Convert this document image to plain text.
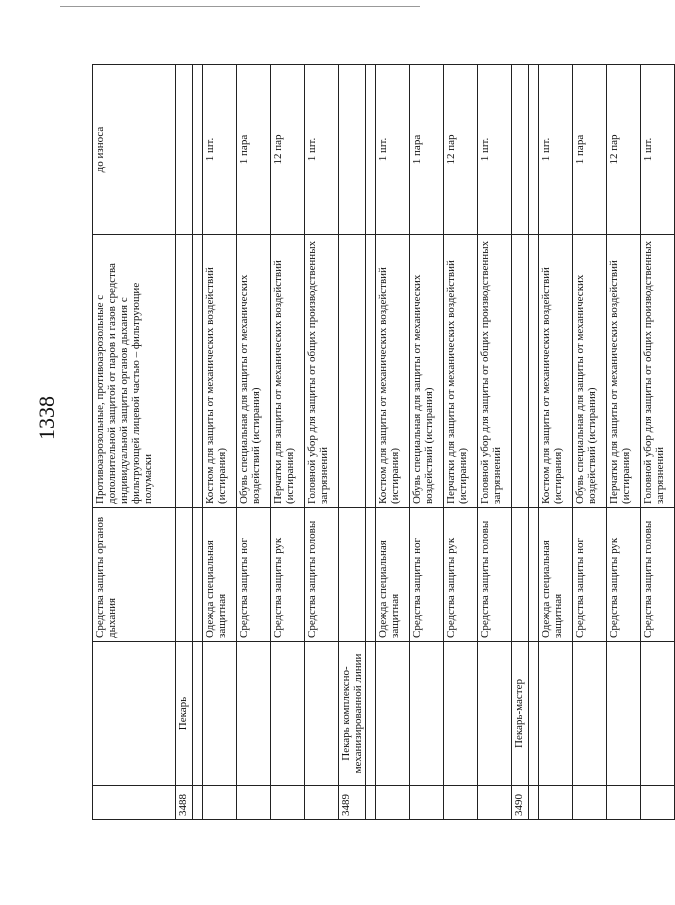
1338
		Средства защиты органов дыхания	Противоаэрозольные, противоаэрозольные с дополнительной защитой от паров и газов средства индивидуальной защиты органов дыхания с фильтрующей лицевой частью – фильтрующие полумаски	до износа
3488	Пекарь			

		Одежда специальная защитная	Костюм для защиты от механических воздействий (истирания)	1 шт.
		Средства защиты ног	Обувь специальная для защиты от механических воздействий (истирания)	1 пара
		Средства защиты рук	Перчатки для защиты от механических воздействий (истирания)	12 пар
		Средства защиты головы	Головной убор для защиты от общих производственных загрязнений	1 шт.
3489	Пекарь комплексно-механизированной линии			

		Одежда специальная защитная	Костюм для защиты от механических воздействий (истирания)	1 шт.
		Средства защиты ног	Обувь специальная для защиты от механических воздействий (истирания)	1 пара
		Средства защиты рук	Перчатки для защиты от механических воздействий (истирания)	12 пар
		Средства защиты головы	Головной убор для защиты от общих производственных загрязнений	1 шт.
3490	Пекарь-мастер			

		Одежда специальная защитная	Костюм для защиты от механических воздействий (истирания)	1 шт.
		Средства защиты ног	Обувь специальная для защиты от механических воздействий (истирания)	1 пара
		Средства защиты рук	Перчатки для защиты от механических воздействий (истирания)	12 пар
		Средства защиты головы	Головной убор для защиты от общих производственных загрязнений	1 шт.
